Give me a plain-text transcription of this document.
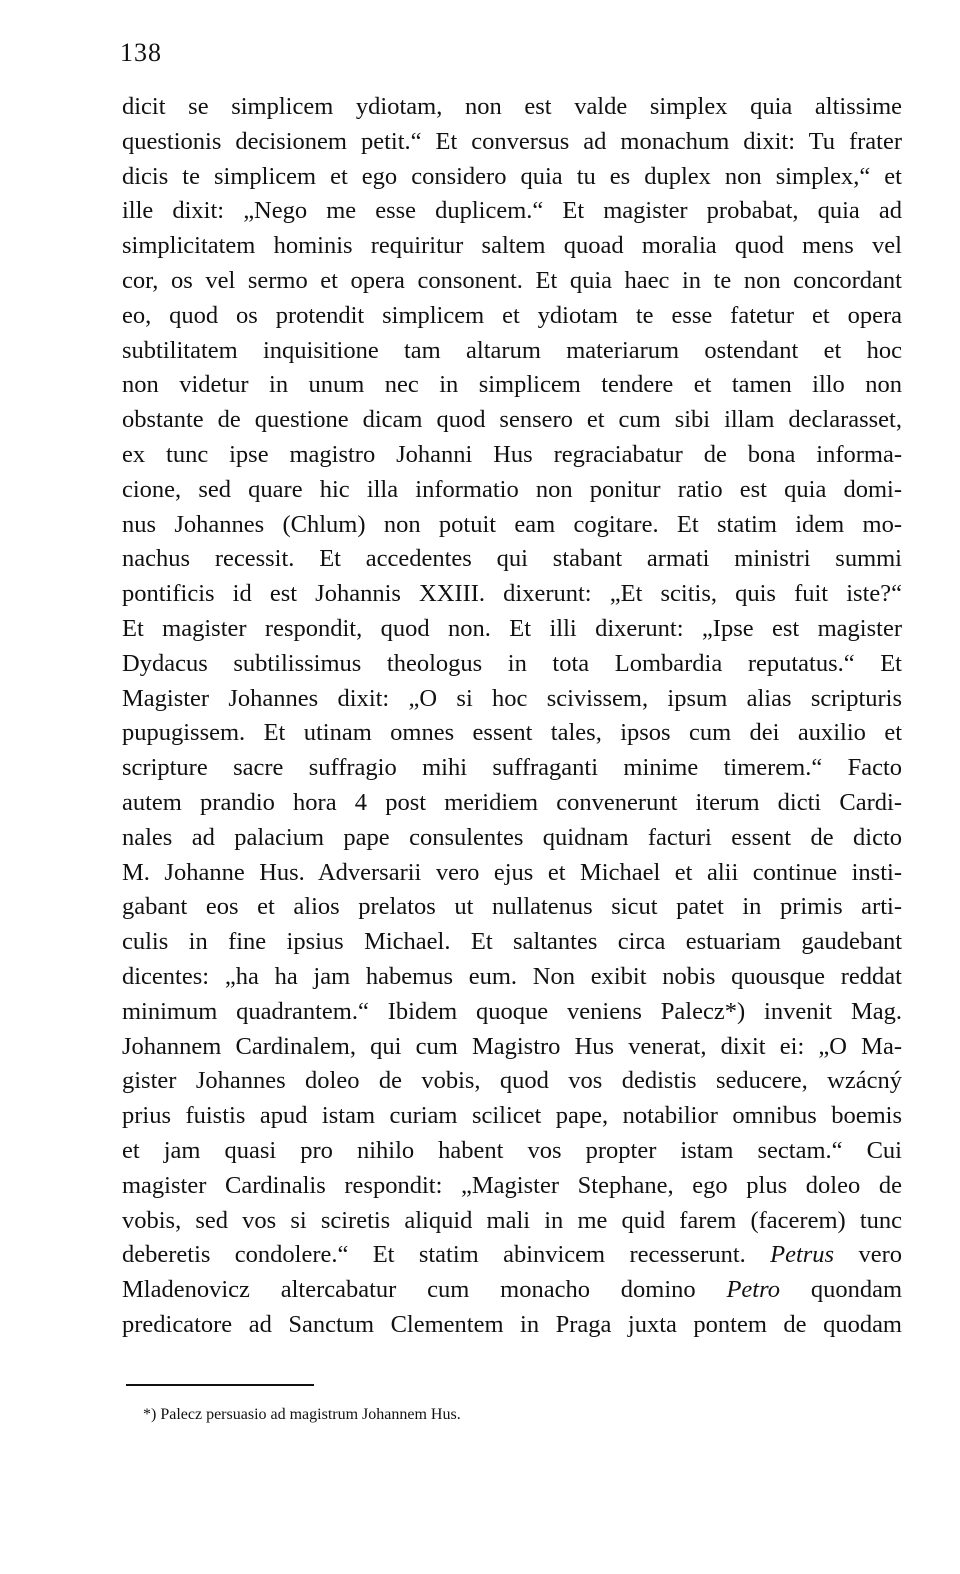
138
dicit se simplicem ydiotam, non est valde simplex quia altissime
questionis decisionem petit.“ Et conversus ad monachum dixit: Tu frater
dicis te simplicem et ego considero quia tu es duplex non simplex,“ et
ille dixit: „Nego me esse duplicem.“ Et magister probabat, quia ad
simplicitatem hominis requiritur saltem quoad moralia quod mens vel
cor, os vel sermo et opera consonent. Et quia haec in te non concordant
eo, quod os protendit simplicem et ydiotam te esse fatetur et opera
subtilitatem inquisitione tam altarum materiarum ostendant et hoc
non videtur in unum nec in simplicem tendere et tamen illo non
obstante de questione dicam quod sensero et cum sibi illam declarasset,
ex tunc ipse magistro Johanni Hus regraciabatur de bona informa-
cione, sed quare hic illa informatio non ponitur ratio est quia domi-
nus Johannes (Chlum) non potuit eam cogitare. Et statim idem mo-
nachus recessit. Et accedentes qui stabant armati ministri summi
pontificis id est Johannis XXIII. dixerunt: „Et scitis, quis fuit iste?“
Et magister respondit, quod non. Et illi dixerunt: „Ipse est magister
Dydacus subtilissimus theologus in tota Lombardia reputatus.“ Et
Magister Johannes dixit: „O si hoc scivissem, ipsum alias scripturis
pupugissem. Et utinam omnes essent tales, ipsos cum dei auxilio et
scripture sacre suffragio mihi suffraganti minime timerem.“ Facto
autem prandio hora 4 post meridiem convenerunt iterum dicti Cardi-
nales ad palacium pape consulentes quidnam facturi essent de dicto
M. Johanne Hus. Adversarii vero ejus et Michael et alii continue insti-
gabant eos et alios prelatos ut nullatenus sicut patet in primis arti-
culis in fine ipsius Michael. Et saltantes circa estuariam gaudebant
dicentes: „ha ha jam habemus eum. Non exibit nobis quousque reddat
minimum quadrantem.“ Ibidem quoque veniens Palecz*) invenit Mag.
Johannem Cardinalem, qui cum Magistro Hus venerat, dixit ei: „O Ma-
gister Johannes doleo de vobis, quod vos dedistis seducere, wzácný
prius fuistis apud istam curiam scilicet pape, notabilior omnibus boemis
et jam quasi pro nihilo habent vos propter istam sectam.“ Cui
magister Cardinalis respondit: „Magister Stephane, ego plus doleo de
vobis, sed vos si sciretis aliquid mali in me quid farem (facerem) tunc
deberetis condolere.“ Et statim abinvicem recesserunt. Petrus vero
Mladenovicz altercabatur cum monacho domino Petro quondam
predicatore ad Sanctum Clementem in Praga juxta pontem de quodam
*) Palecz persuasio ad magistrum Johannem Hus.
